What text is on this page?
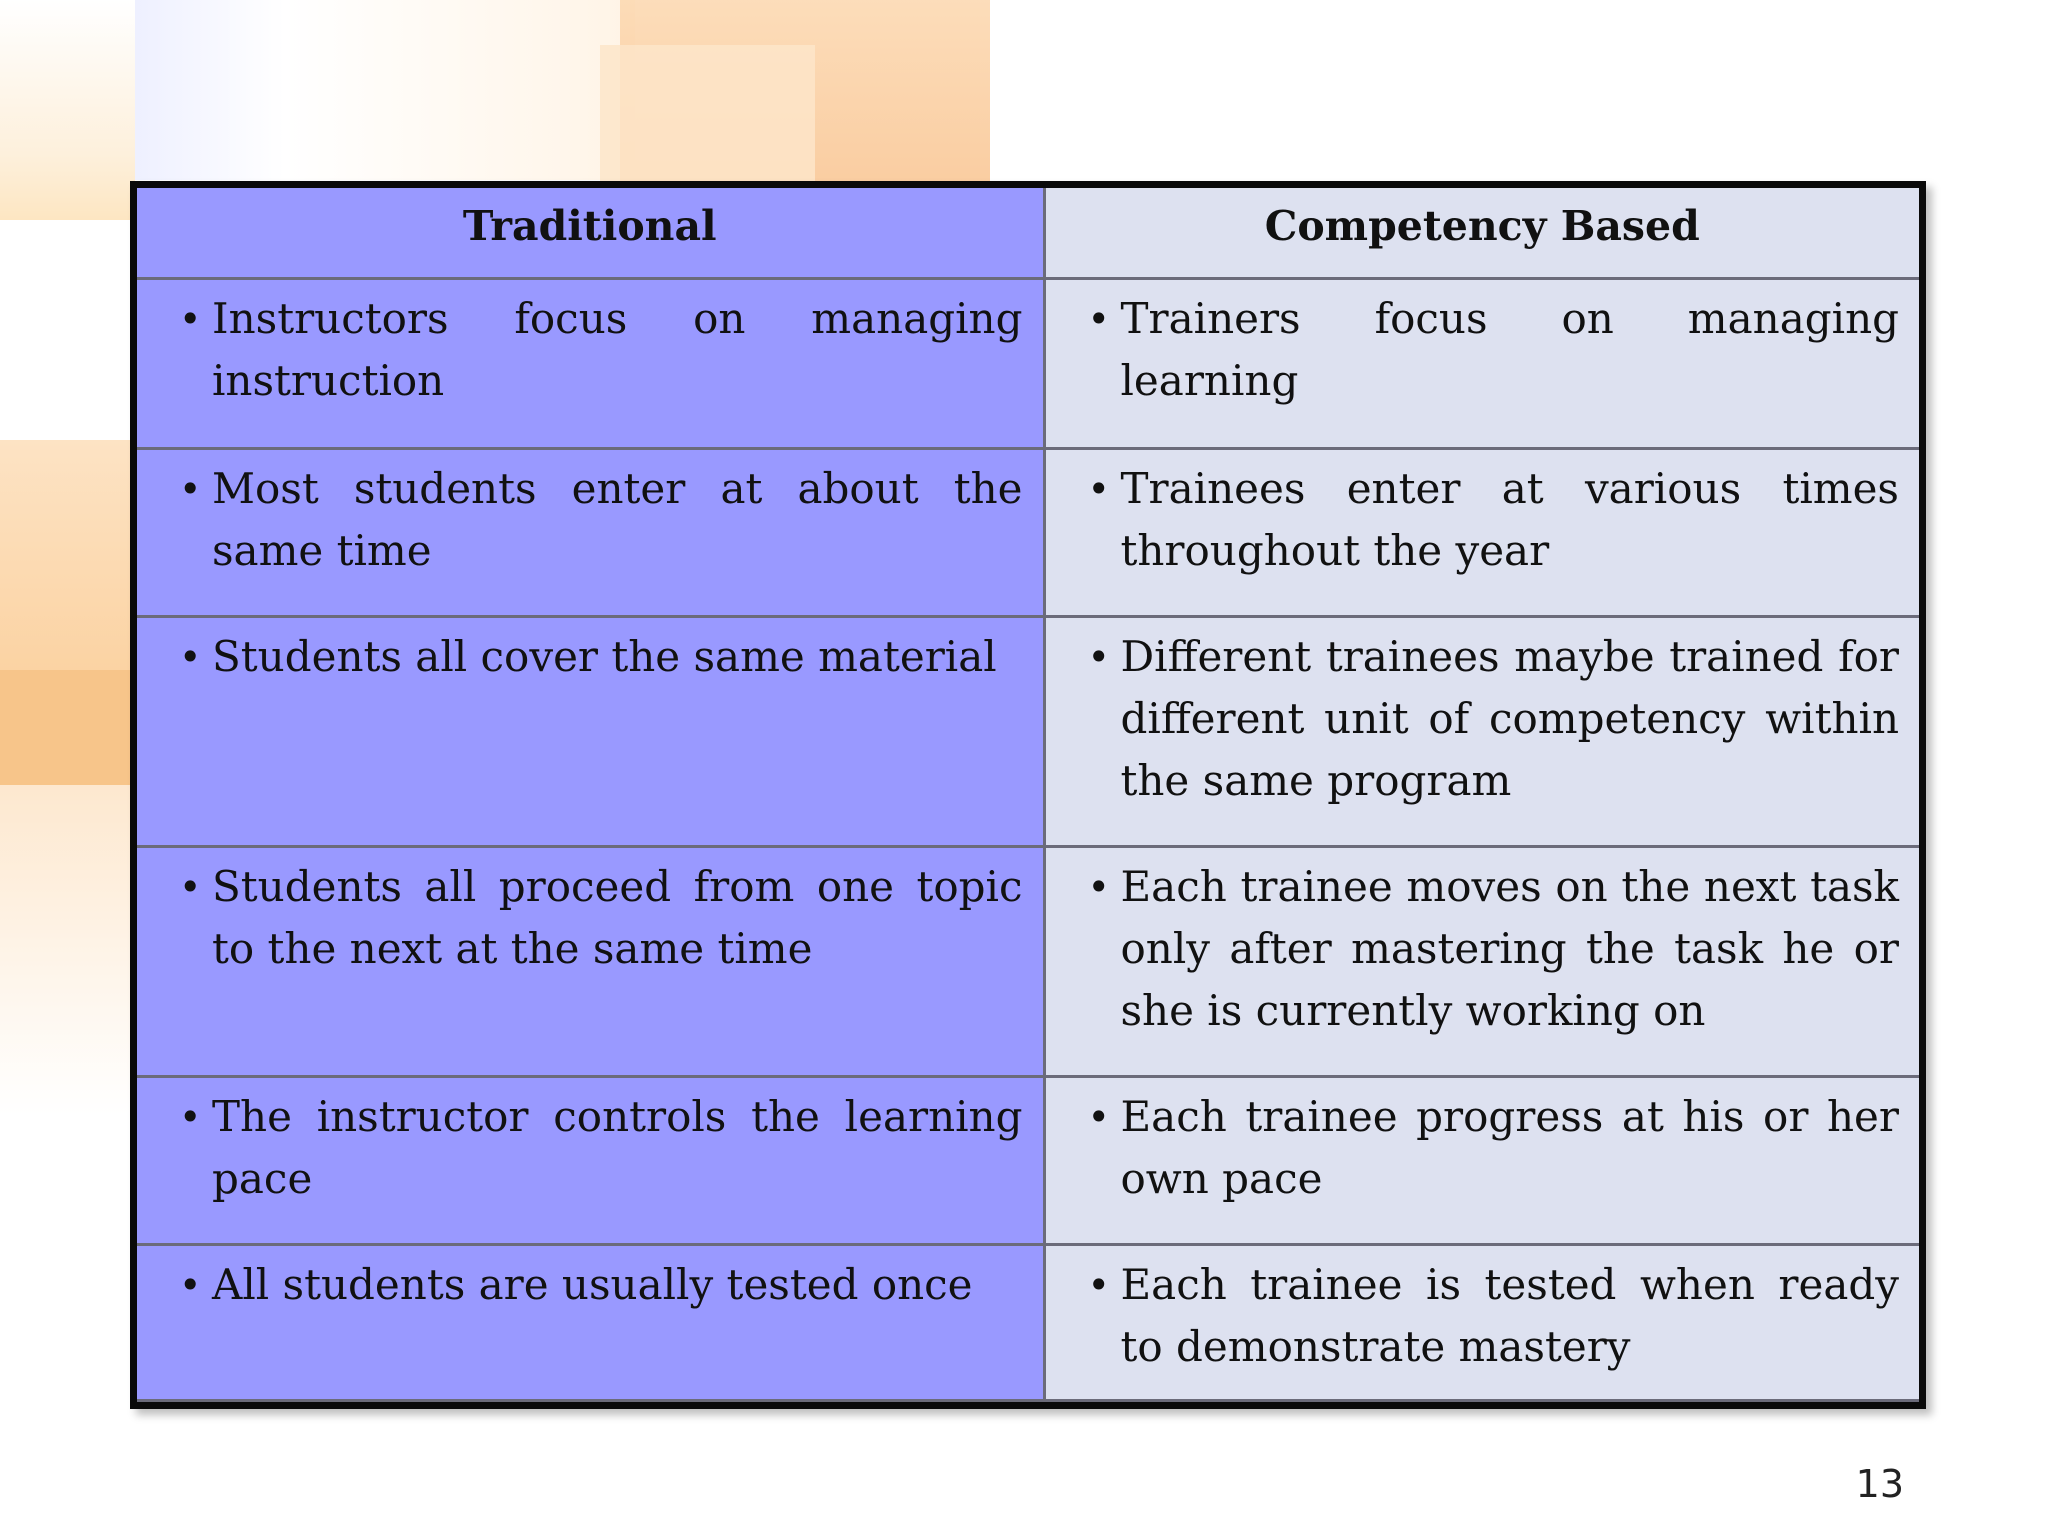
Traditional	Competency Based

• Instructors focus on managing instruction	• Trainers focus on managing learning

• Most students enter at about the same time	• Trainees enter at various times throughout the year

• Students all cover the same material	• Different trainees maybe trained for different unit of competency within the same program

• Students all proceed from one topic to the next at the same time	• Each trainee moves on the next task only after mastering the task he or she is currently working on

• The instructor controls the learning pace	• Each trainee progress at his or her own pace

• All students are usually tested once	• Each trainee is tested when ready to demonstrate mastery
13
